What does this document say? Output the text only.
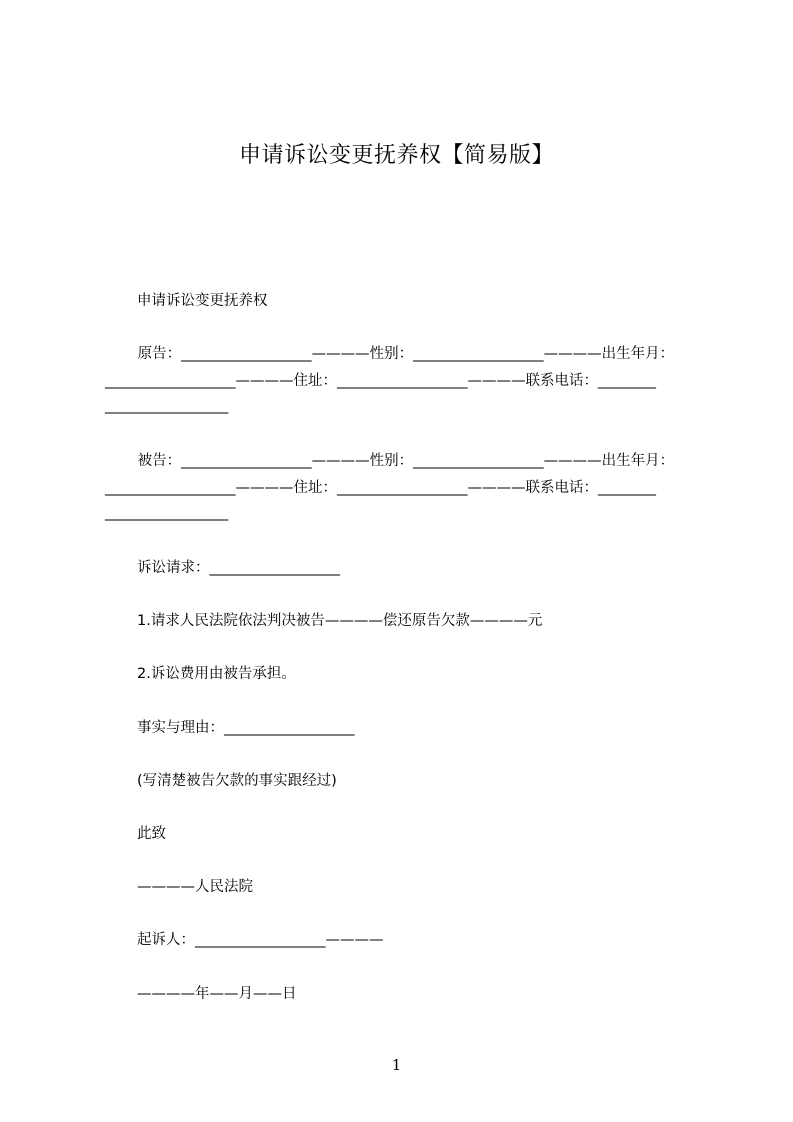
申请诉讼变更抚养权【简易版】
申请诉讼变更抚养权
原告：__________________————性别：__________________————出生年月：
__________________————住址：__________________————联系电话：________
_________________
被告：__________________————性别：__________________————出生年月：
__________________————住址：__________________————联系电话：________
_________________
诉讼请求：__________________
1.请求人民法院依法判决被告————偿还原告欠款————元
2.诉讼费用由被告承担。
事实与理由：__________________
(写清楚被告欠款的事实跟经过)
此致
————人民法院
起诉人：__________________————
————年——月——日
1
